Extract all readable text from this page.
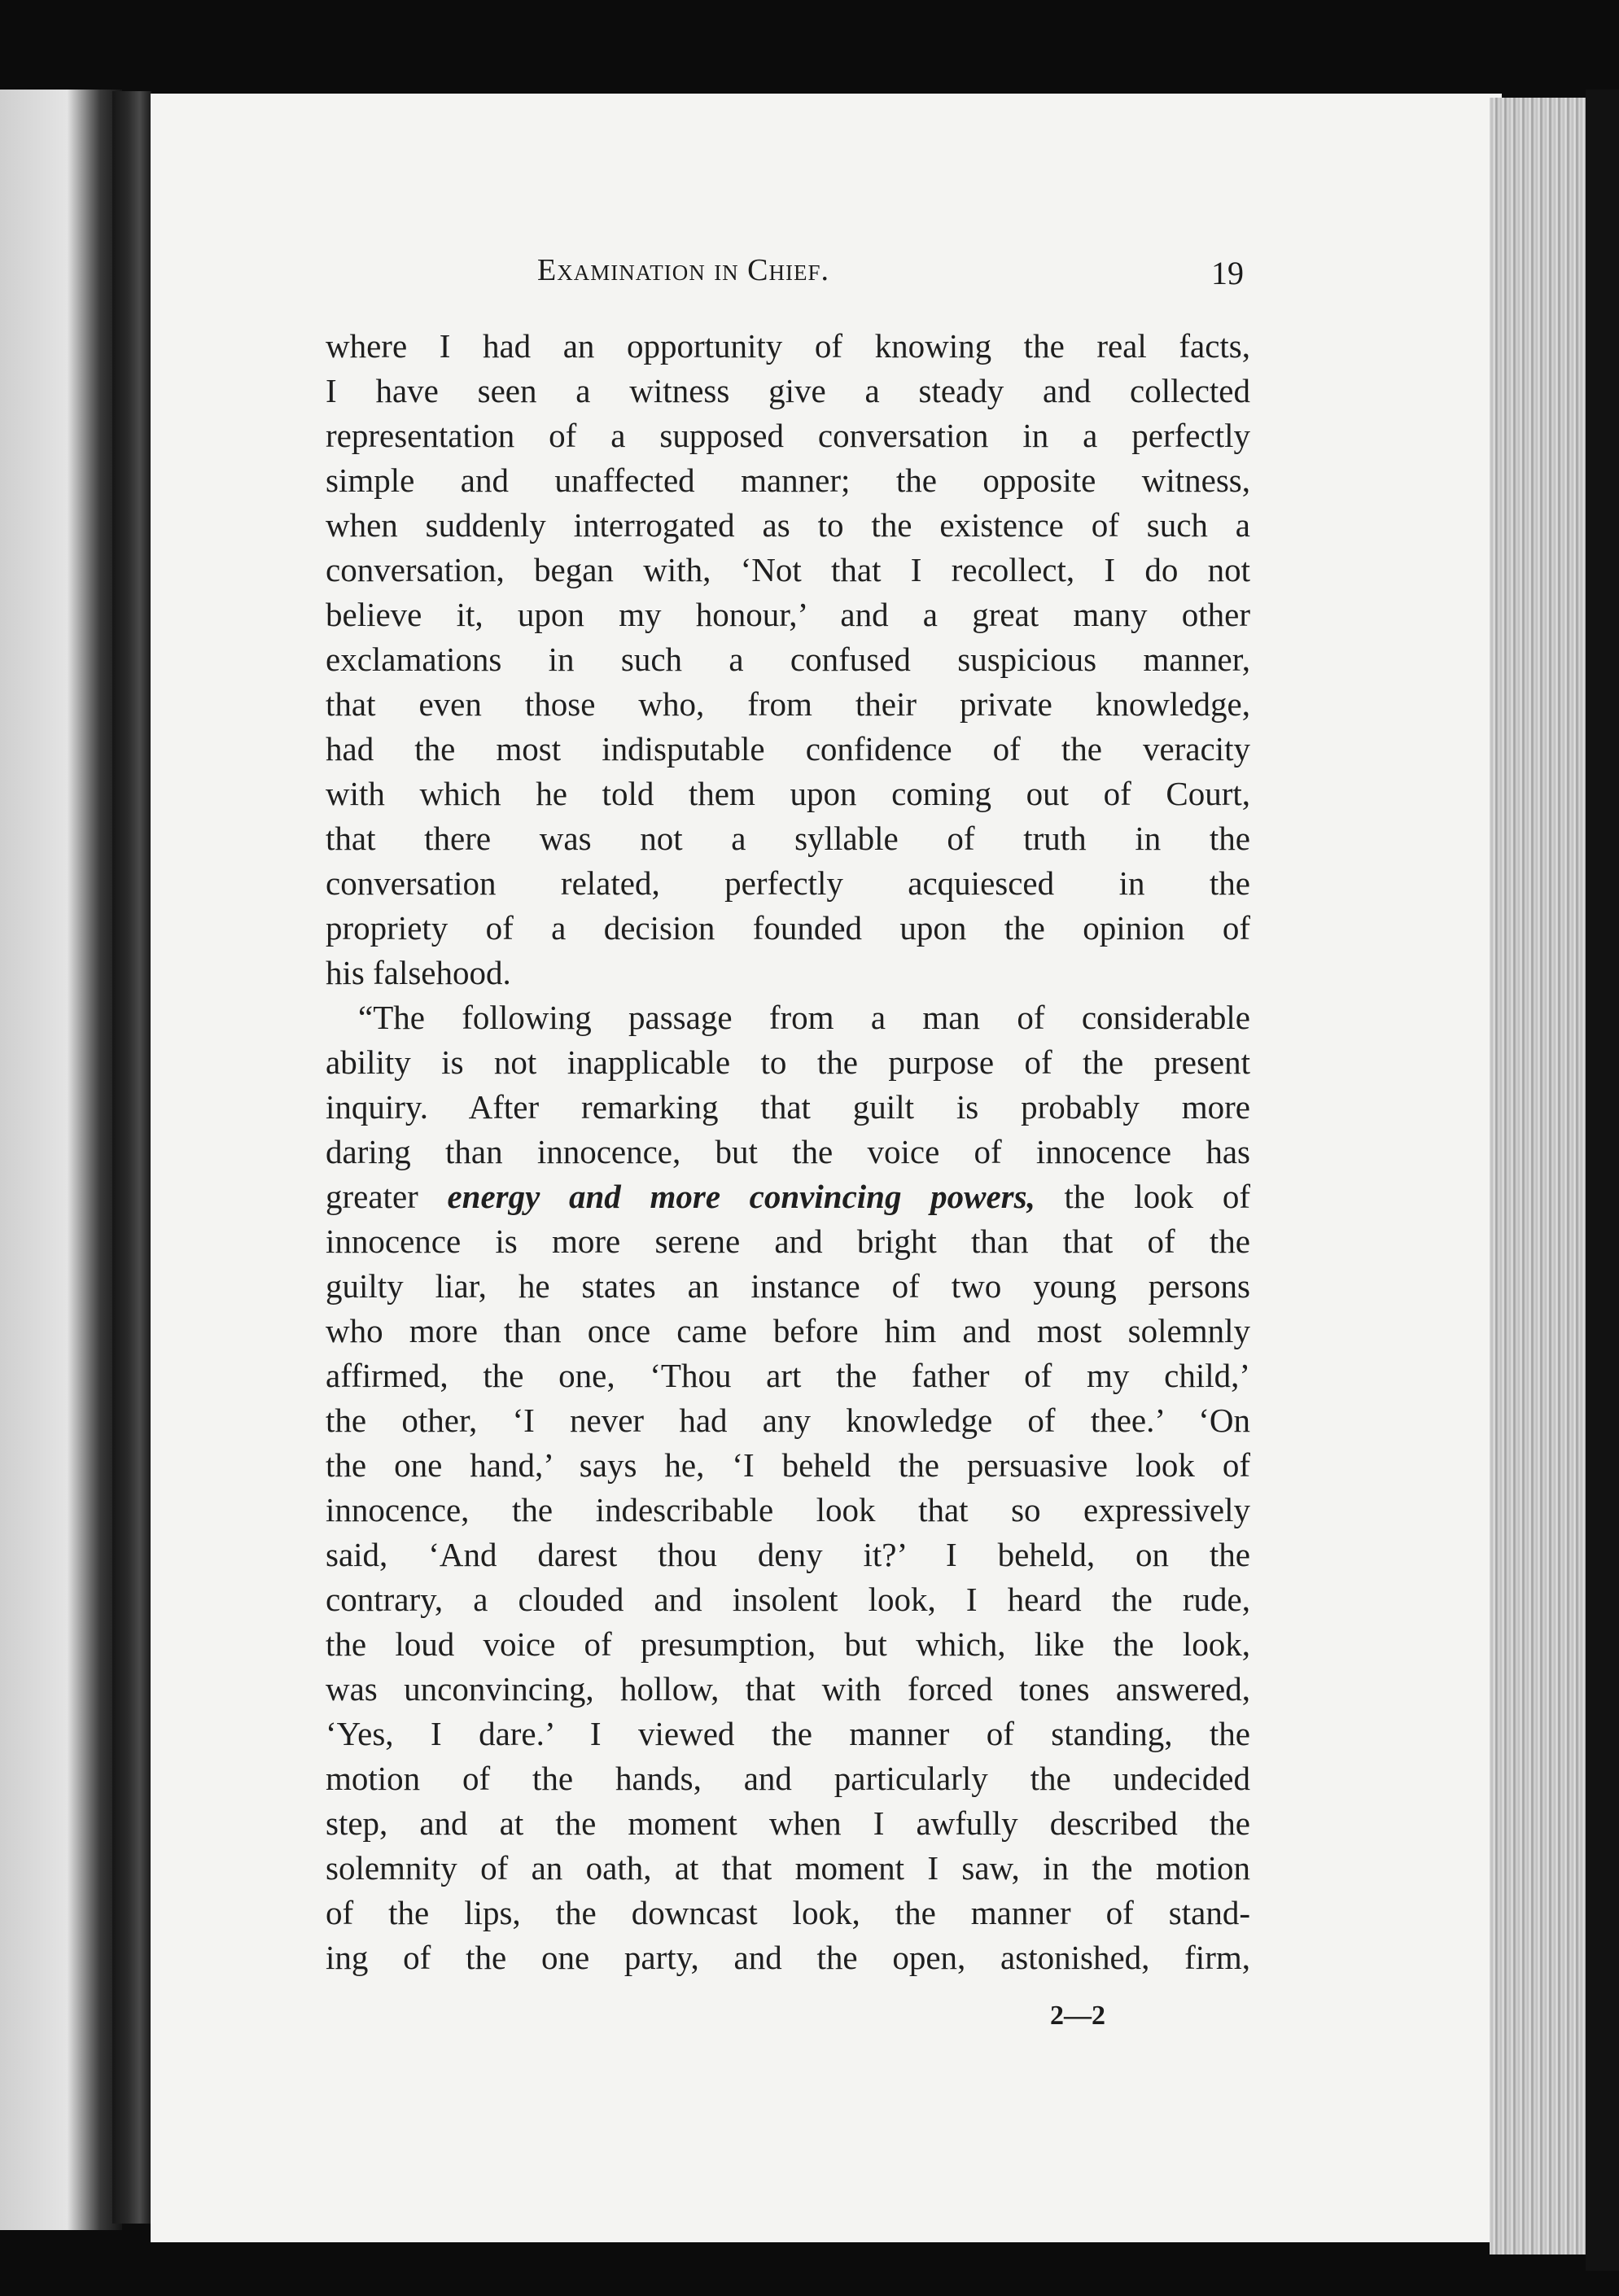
Examination in Chief.	19
where I had an opportunity of knowing the real facts,
I have seen a witness give a steady and collected
representation of a supposed conversation in a perfectly
simple and unaffected manner; the opposite witness,
when suddenly interrogated as to the existence of such a
conversation, began with, ‘Not that I recollect, I do not
believe it, upon my honour,’ and a great many other
exclamations in such a confused suspicious manner,
that even those who, from their private knowledge,
had the most indisputable confidence of the veracity
with which he told them upon coming out of Court,
that there was not a syllable of truth in the
conversation related, perfectly acquiesced in the
propriety of a decision founded upon the opinion of
his falsehood.
“The following passage from a man of considerable
ability is not inapplicable to the purpose of the present
inquiry. After remarking that guilt is probably more
daring than innocence, but the voice of innocence has
greater energy and more convincing powers, the look of
innocence is more serene and bright than that of the
guilty liar, he states an instance of two young persons
who more than once came before him and most solemnly
affirmed, the one, ‘Thou art the father of my child,’
the other, ‘I never had any knowledge of thee.’ ‘On
the one hand,’ says he, ‘I beheld the persuasive look of
innocence, the indescribable look that so expressively
said, ‘And darest thou deny it?’ I beheld, on the
contrary, a clouded and insolent look, I heard the rude,
the loud voice of presumption, but which, like the look,
was unconvincing, hollow, that with forced tones answered,
‘Yes, I dare.’ I viewed the manner of standing, the
motion of the hands, and particularly the undecided
step, and at the moment when I awfully described the
solemnity of an oath, at that moment I saw, in the motion
of the lips, the downcast look, the manner of stand-
ing of the one party, and the open, astonished, firm,
2—2
